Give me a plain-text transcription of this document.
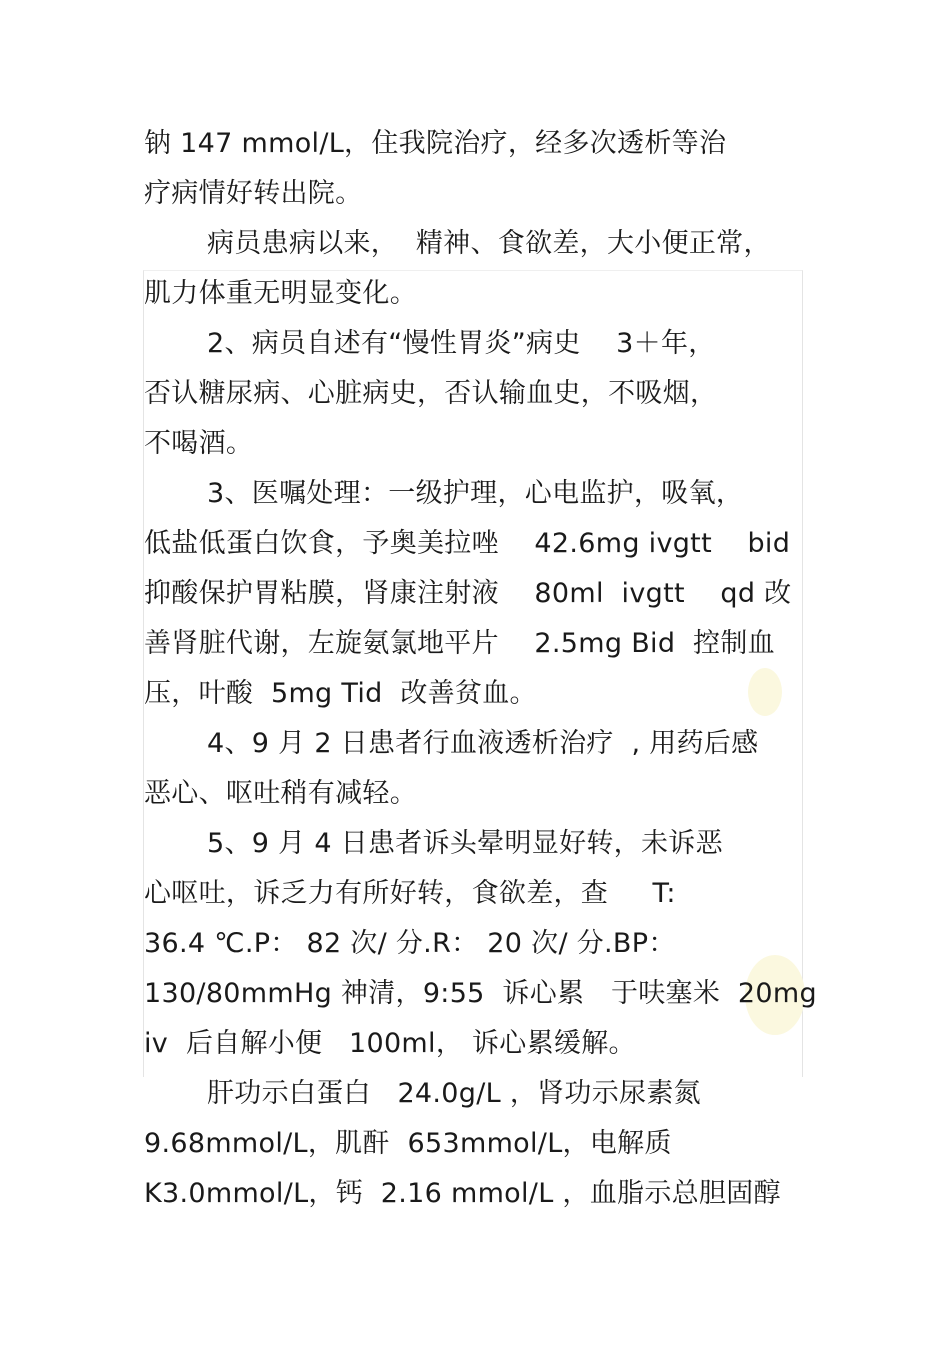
钠 147 mmol/L，住我院治疗，经多次透析等治

疗病情好转出院。

病员患病以来，  精神、食欲差，大小便正常，

肌力体重无明显变化。

2、病员自述有“慢性胃炎”病史    3＋年，

否认糖尿病、心脏病史，否认输血史，不吸烟，

不喝酒。

3、医嘱处理：一级护理，心电监护，吸氧，

低盐低蛋白饮食，予奥美拉唑    42.6mg ivgtt    bid

抑酸保护胃粘膜，肾康注射液    80ml  ivgtt    qd 改

善肾脏代谢，左旋氨氯地平片    2.5mg Bid  控制血

压，叶酸  5mg Tid  改善贫血。

4、9 月 2 日患者行血液透析治疗  , 用药后感

恶心、呕吐稍有减轻。

5、9 月 4 日患者诉头晕明显好转，未诉恶

心呕吐，诉乏力有所好转，食欲差，查     T:

36.4 ℃.P： 82 次/ 分.R： 20 次/ 分.BP：

130/80mmHg 神清，9:55  诉心累   于呋塞米  20mg

iv  后自解小便   100ml， 诉心累缓解。

肝功示白蛋白   24.0g/L ，肾功示尿素氮

9.68mmol/L，肌酐  653mmol/L，电解质

K3.0mmol/L，钙  2.16 mmol/L ，血脂示总胆固醇
